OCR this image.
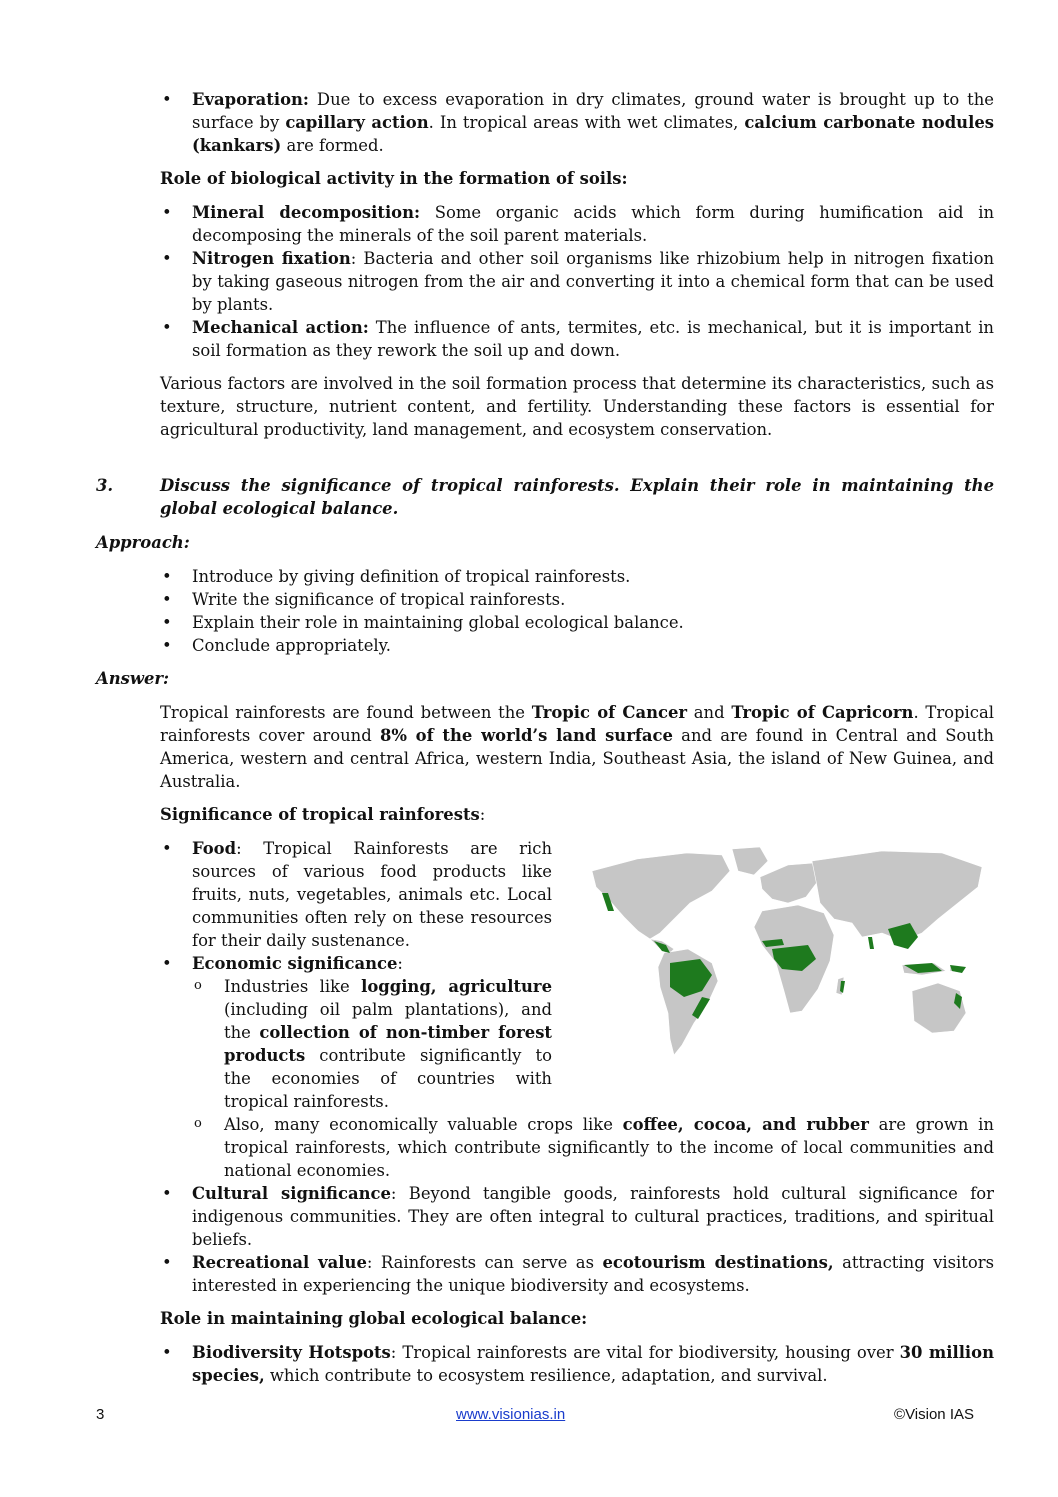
• Evaporation: Due to excess evaporation in dry climates, ground water is brought up to the surface by capillary action. In tropical areas with wet climates, calcium carbonate nodules (kankars) are formed.

Role of biological activity in the formation of soils:

• Mineral decomposition: Some organic acids which form during humification aid in decomposing the minerals of the soil parent materials.
• Nitrogen fixation: Bacteria and other soil organisms like rhizobium help in nitrogen fixation by taking gaseous nitrogen from the air and converting it into a chemical form that can be used by plants.
• Mechanical action: The influence of ants, termites, etc. is mechanical, but it is important in soil formation as they rework the soil up and down.

Various factors are involved in the soil formation process that determine its characteristics, such as texture, structure, nutrient content, and fertility. Understanding these factors is essential for agricultural productivity, land management, and ecosystem conservation.

3.	Discuss the significance of tropical rainforests. Explain their role in maintaining the global ecological balance.

Approach:

• Introduce by giving definition of tropical rainforests.
• Write the significance of tropical rainforests.
• Explain their role in maintaining global ecological balance.
• Conclude appropriately.

Answer:

Tropical rainforests are found between the Tropic of Cancer and Tropic of Capricorn. Tropical rainforests cover around 8% of the world’s land surface and are found in Central and South America, western and central Africa, western India, Southeast Asia, the island of New Guinea, and Australia.

Significance of tropical rainforests:

• Food: Tropical Rainforests are rich sources of various food products like fruits, nuts, vegetables, animals etc. Local communities often rely on these resources for their daily sustenance.
• Economic significance:
o Industries like logging, agriculture (including oil palm plantations), and the collection of non-timber forest products contribute significantly to the economies of countries with tropical rainforests.
o Also, many economically valuable crops like coffee, cocoa, and rubber are grown in tropical rainforests, which contribute significantly to the income of local communities and national economies.
• Cultural significance: Beyond tangible goods, rainforests hold cultural significance for indigenous communities. They are often integral to cultural practices, traditions, and spiritual beliefs.
• Recreational value: Rainforests can serve as ecotourism destinations, attracting visitors interested in experiencing the unique biodiversity and ecosystems.

Role in maintaining global ecological balance:

• Biodiversity Hotspots: Tropical rainforests are vital for biodiversity, housing over 30 million species, which contribute to ecosystem resilience, adaptation, and survival.
3	www.visionias.in	©Vision IAS
